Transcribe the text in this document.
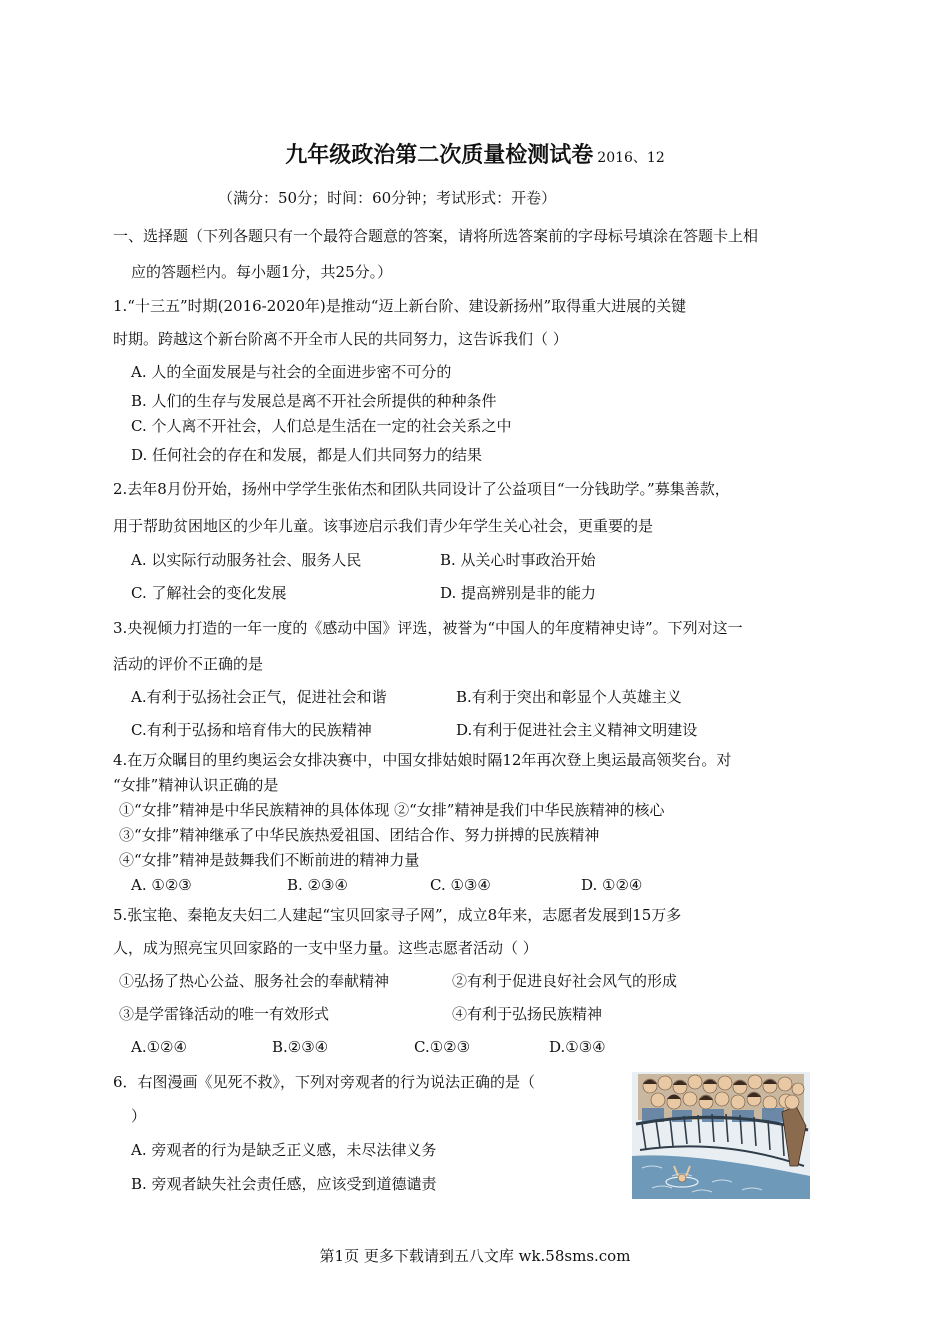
九年级政治第二次质量检测试卷 2016、12
（满分：50分；时间：60分钟；考试形式：开卷）
一、选择题（下列各题只有一个最符合题意的答案，请将所选答案前的字母标号填涂在答题卡上相
应的答题栏内。每小题1分，共25分。）
1.“十三五”时期(2016-2020年)是推动“迈上新台阶、建设新扬州”取得重大进展的关键
时期。跨越这个新台阶离不开全市人民的共同努力，这告诉我们（ ）
A. 人的全面发展是与社会的全面进步密不可分的
B. 人们的生存与发展总是离不开社会所提供的种种条件
C. 个人离不开社会，人们总是生活在一定的社会关系之中
D. 任何社会的存在和发展，都是人们共同努力的结果
2.去年8月份开始，扬州中学学生张佑杰和团队共同设计了公益项目“一分钱助学。”募集善款，
用于帮助贫困地区的少年儿童。该事迹启示我们青少年学生关心社会，更重要的是
A. 以实际行动服务社会、服务人民	B. 从关心时事政治开始
C. 了解社会的变化发展	D. 提高辨别是非的能力
3.央视倾力打造的一年一度的《感动中国》评选，被誉为“中国人的年度精神史诗”。下列对这一
活动的评价不正确的是
A.有利于弘扬社会正气，促进社会和谐	B.有利于突出和彰显个人英雄主义
C.有利于弘扬和培育伟大的民族精神	D.有利于促进社会主义精神文明建设
4.在万众瞩目的里约奥运会女排决赛中，中国女排姑娘时隔12年再次登上奥运最高领奖台。对
“女排”精神认识正确的是
①“女排”精神是中华民族精神的具体体现 ②“女排”精神是我们中华民族精神的核心
③“女排”精神继承了中华民族热爱祖国、团结合作、努力拼搏的民族精神
④“女排”精神是鼓舞我们不断前进的精神力量
A. ①②③	B. ②③④	C. ①③④	D. ①②④
5.张宝艳、秦艳友夫妇二人建起“宝贝回家寻子网”，成立8年来，志愿者发展到15万多
人，成为照亮宝贝回家路的一支中坚力量。这些志愿者活动（ ）
①弘扬了热心公益、服务社会的奉献精神	②有利于促进良好社会风气的形成
③是学雷锋活动的唯一有效形式	④有利于弘扬民族精神
A.①②④	B.②③④	C.①②③	D.①③④
6．右图漫画《见死不救》，下列对旁观者的行为说法正确的是（
）
A. 旁观者的行为是缺乏正义感，未尽法律义务
B. 旁观者缺失社会责任感，应该受到道德谴责
第1页 更多下载请到五八文库 wk.58sms.com
